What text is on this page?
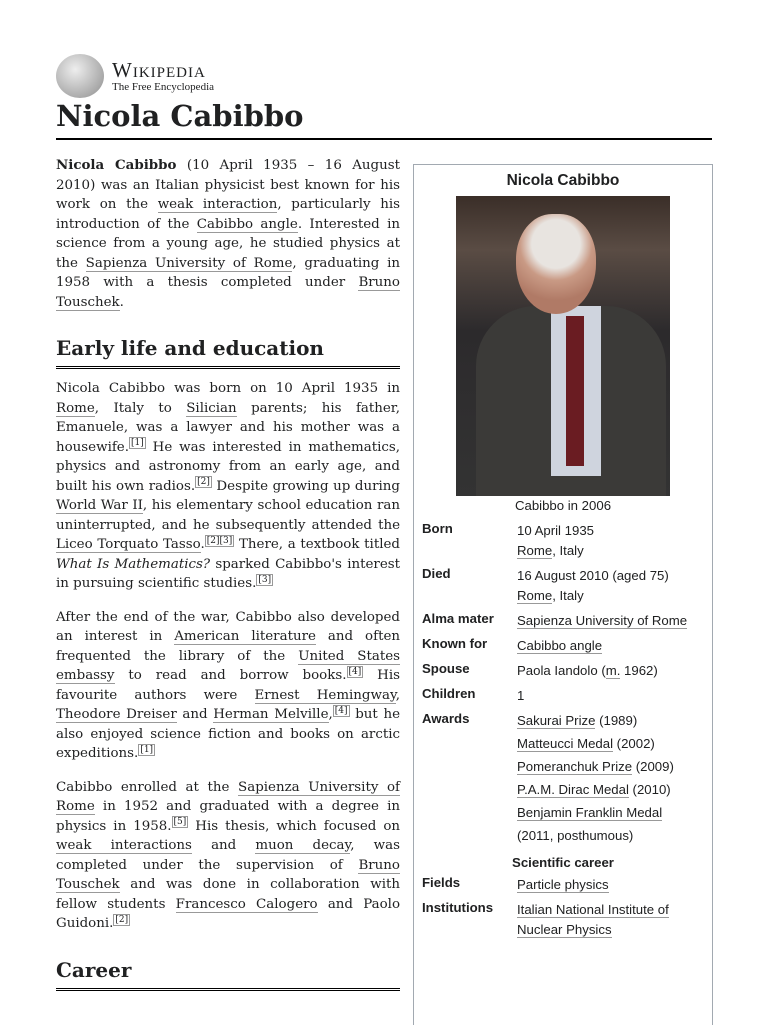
Wikipedia
The Free Encyclopedia
Nicola Cabibbo

Nicola Cabibbo (10 April 1935 – 16 August 2010) was an Italian physicist best known for his work on the weak interaction, particularly his introduction of the Cabibbo angle. Interested in science from a young age, he studied physics at the Sapienza University of Rome, graduating in 1958 with a thesis completed under Bruno Touschek.

Early life and education

Nicola Cabibbo was born on 10 April 1935 in Rome, Italy to Silician parents; his father, Emanuele, was a lawyer and his mother was a housewife. [1] He was interested in mathematics, physics and astronomy from an early age, and built his own radios. [2] Despite growing up during World War II, his elementary school education ran uninterrupted, and he subsequently attended the Liceo Torquato Tasso. [2][3] There, a textbook titled What Is Mathematics? sparked Cabibbo's interest in pursuing scientific studies. [3]

After the end of the war, Cabibbo also developed an interest in American literature and often frequented the library of the United States embassy to read and borrow books. [4] His favourite authors were Ernest Hemingway, Theodore Dreiser and Herman Melville, [4] but he also enjoyed science fiction and books on arctic expeditions. [1]

Cabibbo enrolled at the Sapienza University of Rome in 1952 and graduated with a degree in physics in 1958. [5] His thesis, which focused on weak interactions and muon decay, was completed under the supervision of Bruno Touschek and was done in collaboration with fellow students Francesco Calogero and Paolo Guidoni. [2]

Career
Nicola Cabibbo
Cabibbo in 2006
Born	10 April 1935
Rome, Italy
Died	16 August 2010 (aged 75)
Rome, Italy
Alma mater	Sapienza University of Rome
Known for	Cabibbo angle
Spouse	Paola Iandolo (m. 1962)
Children	1
Awards	Sakurai Prize (1989)
Matteucci Medal (2002)
Pomeranchuk Prize (2009)
P.A.M. Dirac Medal (2010)
Benjamin Franklin Medal
(2011, posthumous)
Scientific career
Fields	Particle physics
Institutions	Italian National Institute of
Nuclear Physics
